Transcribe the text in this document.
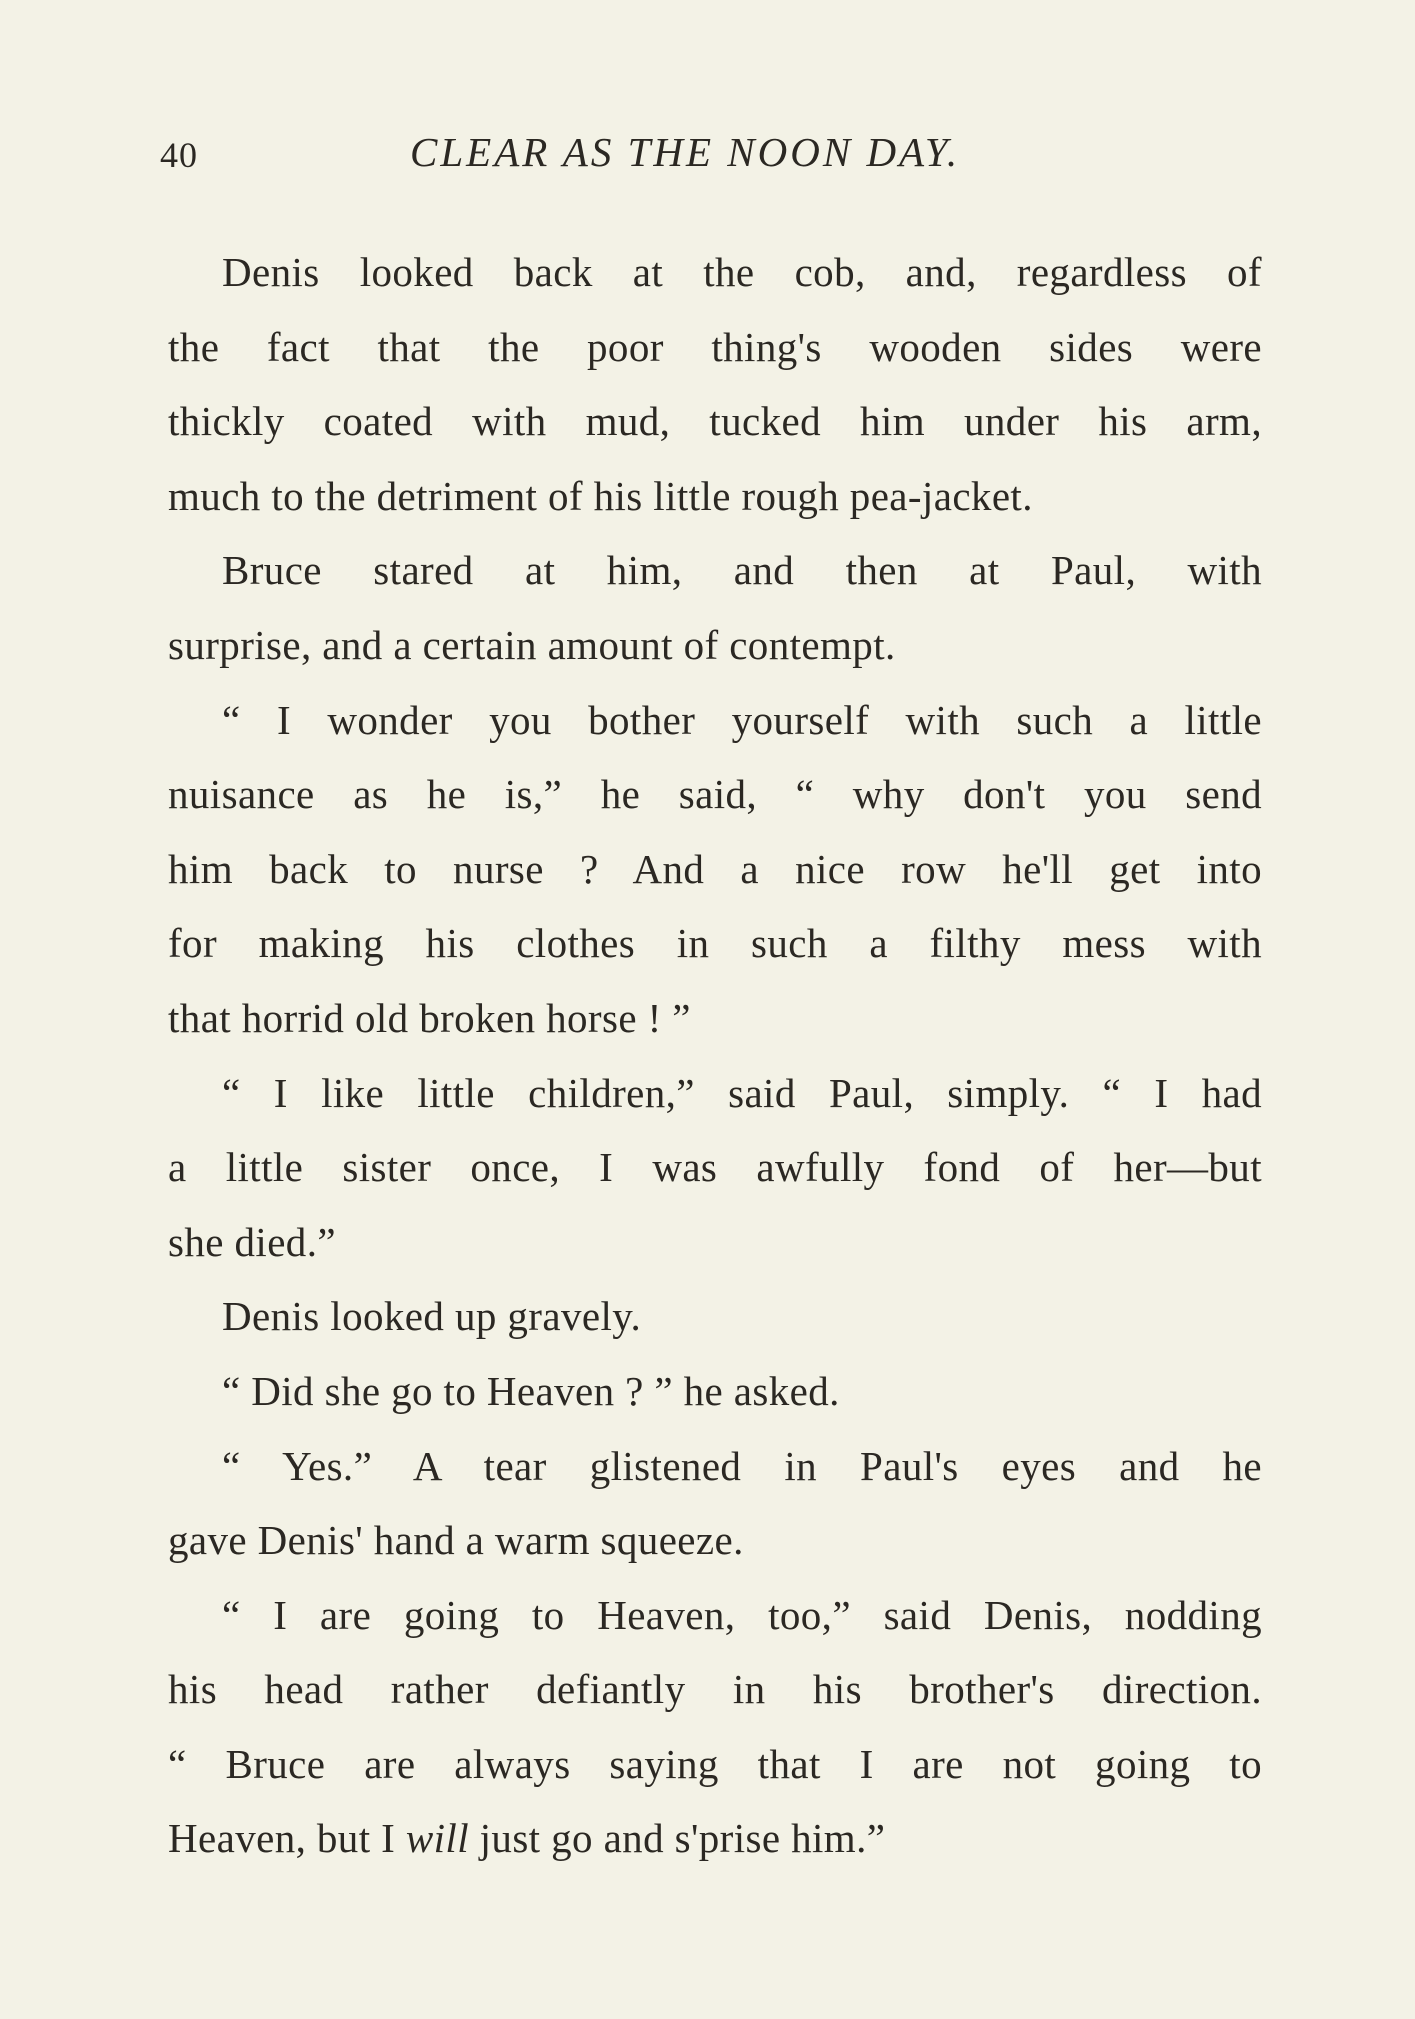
40	CLEAR AS THE NOON DAY.
Denis looked back at the cob, and, regardless of
the fact that the poor thing's wooden sides were
thickly coated with mud, tucked him under his arm,
much to the detriment of his little rough pea-jacket.
Bruce stared at him, and then at Paul, with
surprise, and a certain amount of contempt.
“ I wonder you bother yourself with such a little
nuisance as he is,” he said, “ why don't you send
him back to nurse ? And a nice row he'll get into
for making his clothes in such a filthy mess with
that horrid old broken horse ! ”
“ I like little children,” said Paul, simply. “ I had
a little sister once, I was awfully fond of her—but
she died.”
Denis looked up gravely.
“ Did she go to Heaven ? ” he asked.
“ Yes.” A tear glistened in Paul's eyes and he
gave Denis' hand a warm squeeze.
“ I are going to Heaven, too,” said Denis, nodding
his head rather defiantly in his brother's direction.
“ Bruce are always saying that I are not going to
Heaven, but I will just go and s'prise him.”
